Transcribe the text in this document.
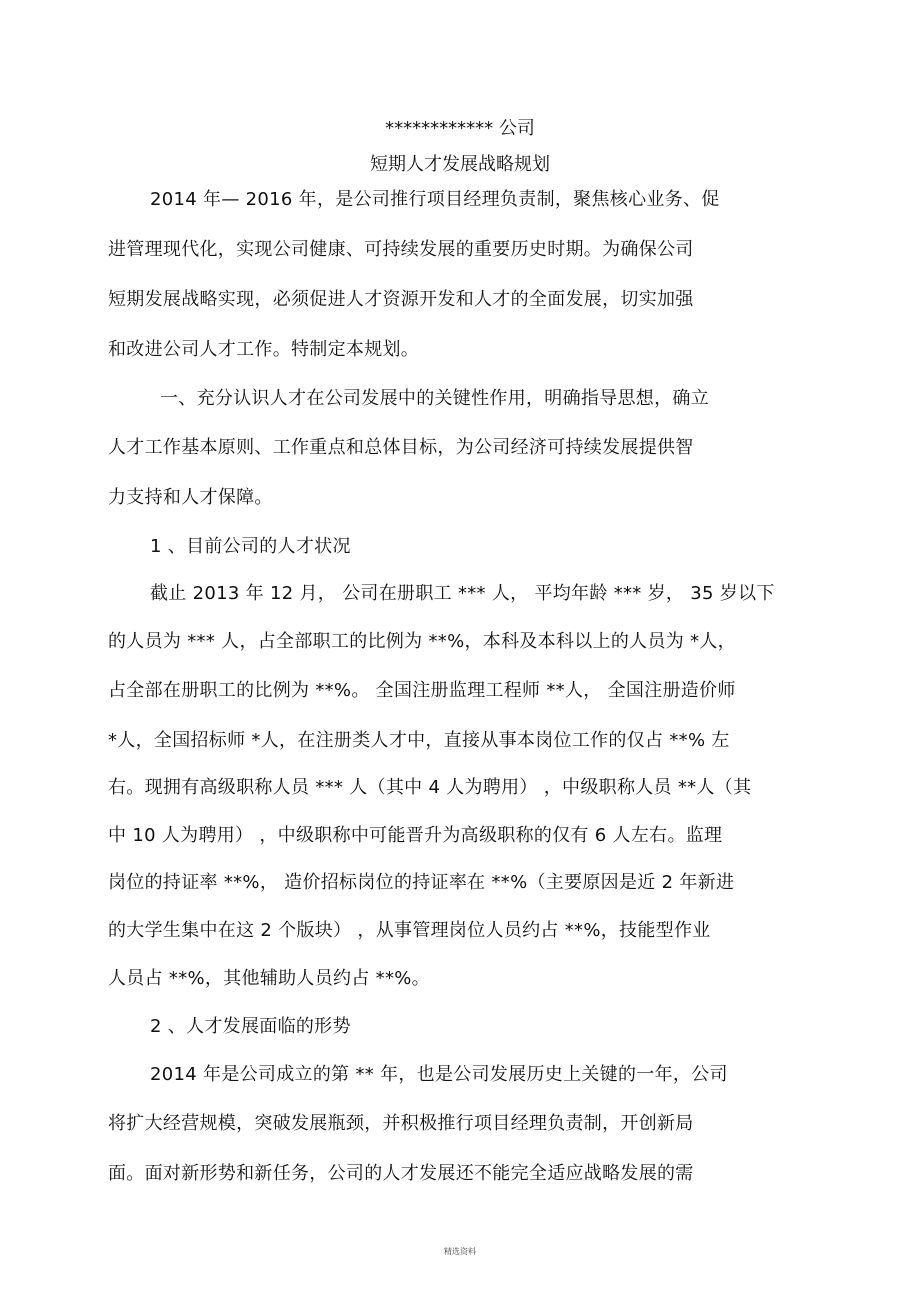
************ 公司
短期人才发展战略规划
2014 年— 2016 年，是公司推行项目经理负责制，聚焦核心业务、促
进管理现代化，实现公司健康、可持续发展的重要历史时期。为确保公司
短期发展战略实现，必须促进人才资源开发和人才的全面发展，切实加强
和改进公司人才工作。特制定本规划。
一、充分认识人才在公司发展中的关键性作用，明确指导思想，确立
人才工作基本原则、工作重点和总体目标，为公司经济可持续发展提供智
力支持和人才保障。
1 、目前公司的人才状况
截止 2013 年 12 月， 公司在册职工 *** 人， 平均年龄 *** 岁， 35 岁以下
的人员为 *** 人，占全部职工的比例为 **%，本科及本科以上的人员为 *人，
占全部在册职工的比例为 **%。 全国注册监理工程师 **人， 全国注册造价师
*人，全国招标师 *人，在注册类人才中，直接从事本岗位工作的仅占 **% 左
右。现拥有高级职称人员 *** 人（其中 4 人为聘用） ，中级职称人员 **人（其
中 10 人为聘用） ，中级职称中可能晋升为高级职称的仅有 6 人左右。监理
岗位的持证率 **%， 造价招标岗位的持证率在 **%（主要原因是近 2 年新进
的大学生集中在这 2 个版块） ，从事管理岗位人员约占 **%，技能型作业
人员占 **%，其他辅助人员约占 **%。
2 、人才发展面临的形势
2014 年是公司成立的第 ** 年，也是公司发展历史上关键的一年，公司
将扩大经营规模，突破发展瓶颈，并积极推行项目经理负责制，开创新局
面。面对新形势和新任务，公司的人才发展还不能完全适应战略发展的需
精选资料
